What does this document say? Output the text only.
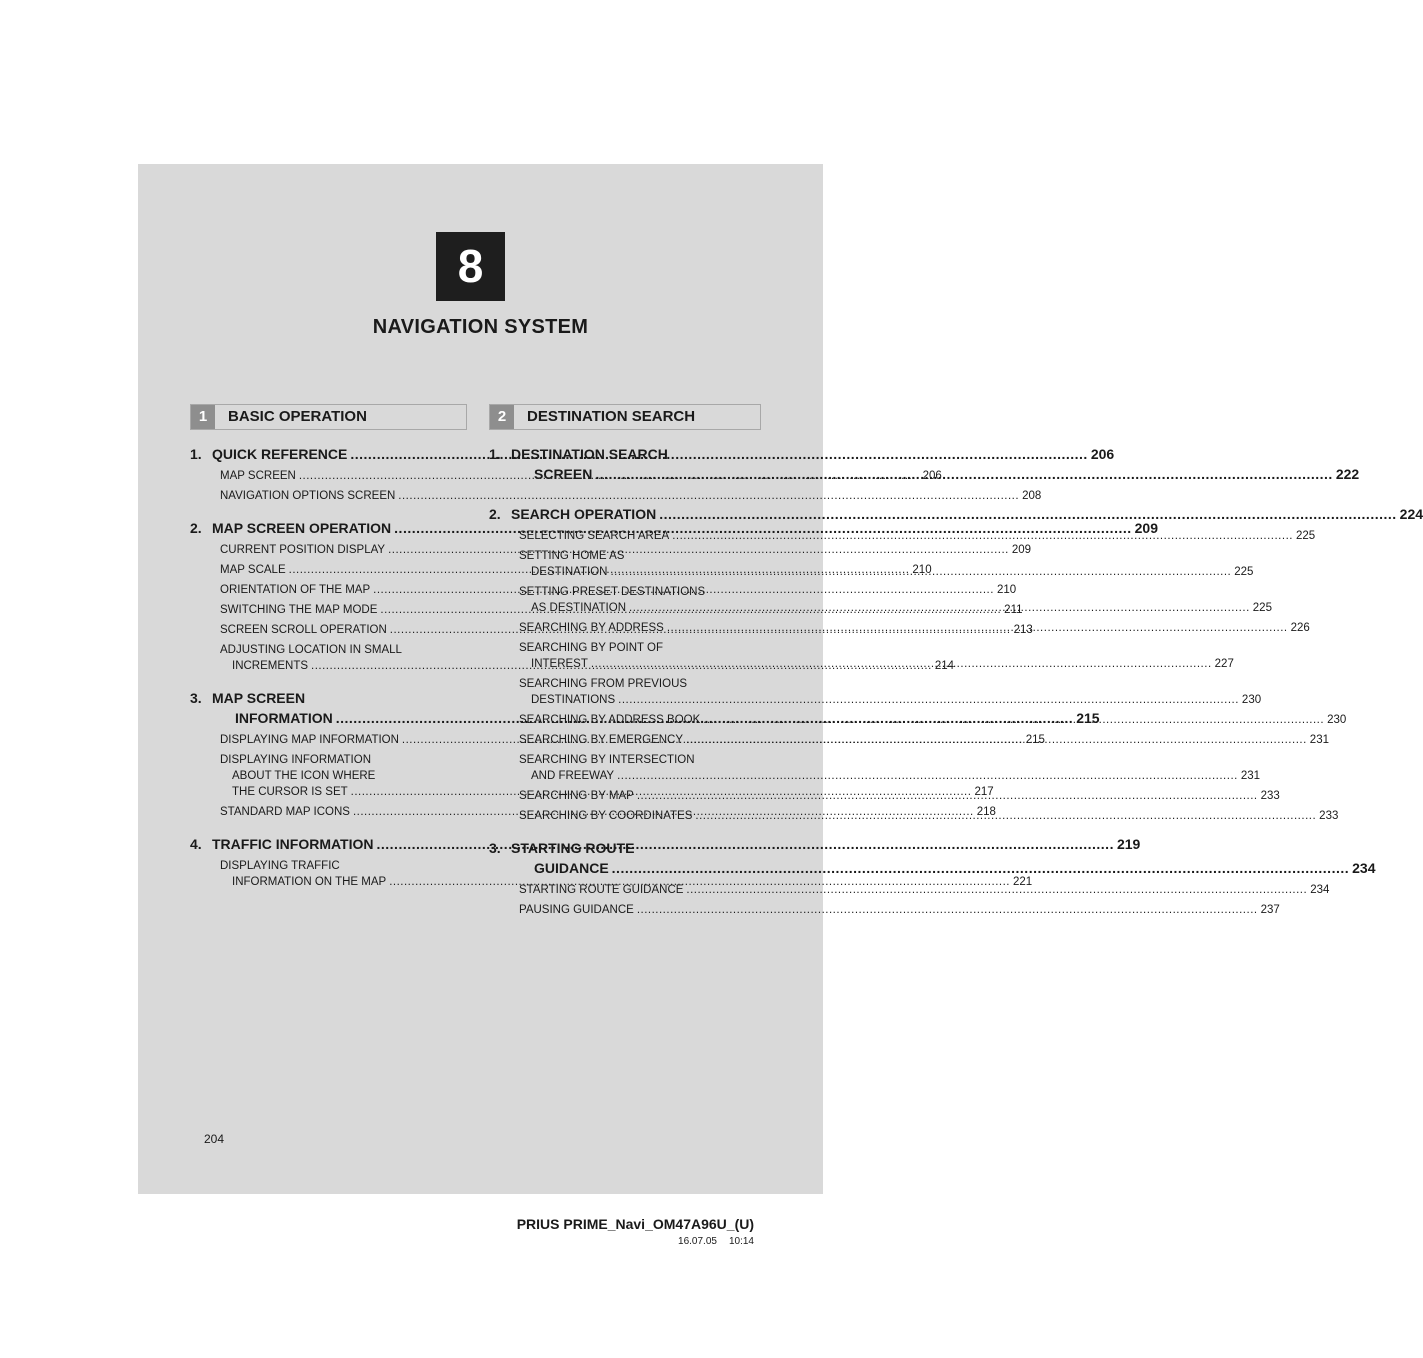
8
NAVIGATION SYSTEM
1	BASIC OPERATION	2	DESTINATION SEARCH
1. QUICK REFERENCE .....	206
MAP SCREEN .....	206
NAVIGATION OPTIONS SCREEN .....	208
2. MAP SCREEN OPERATION .....	209
CURRENT POSITION DISPLAY .....	209
MAP SCALE .....	210
ORIENTATION OF THE MAP .....	210
SWITCHING THE MAP MODE .....	211
SCREEN SCROLL OPERATION .....	213
ADJUSTING LOCATION IN SMALL
INCREMENTS .....	214
3. MAP SCREEN
INFORMATION .....	215
DISPLAYING MAP INFORMATION .....	215
DISPLAYING INFORMATION
ABOUT THE ICON WHERE
THE CURSOR IS SET .....	217
STANDARD MAP ICONS .....	218
4. TRAFFIC INFORMATION .....	219
DISPLAYING TRAFFIC
INFORMATION ON THE MAP .....	221
1. DESTINATION SEARCH
SCREEN .....	222
2. SEARCH OPERATION .....	224
SELECTING SEARCH AREA .....	225
SETTING HOME AS
DESTINATION .....	225
SETTING PRESET DESTINATIONS
AS DESTINATION .....	225
SEARCHING BY ADDRESS .....	226
SEARCHING BY POINT OF
INTEREST .....	227
SEARCHING FROM PREVIOUS
DESTINATIONS .....	230
SEARCHING BY ADDRESS BOOK .....	230
SEARCHING BY EMERGENCY .....	231
SEARCHING BY INTERSECTION
AND FREEWAY .....	231
SEARCHING BY MAP .....	233
SEARCHING BY COORDINATES .....	233
3. STARTING ROUTE
GUIDANCE .....	234
STARTING ROUTE GUIDANCE .....	234
PAUSING GUIDANCE .....	237
204
PRIUS PRIME_Navi_OM47A96U_(U)
16.07.05 10:14
